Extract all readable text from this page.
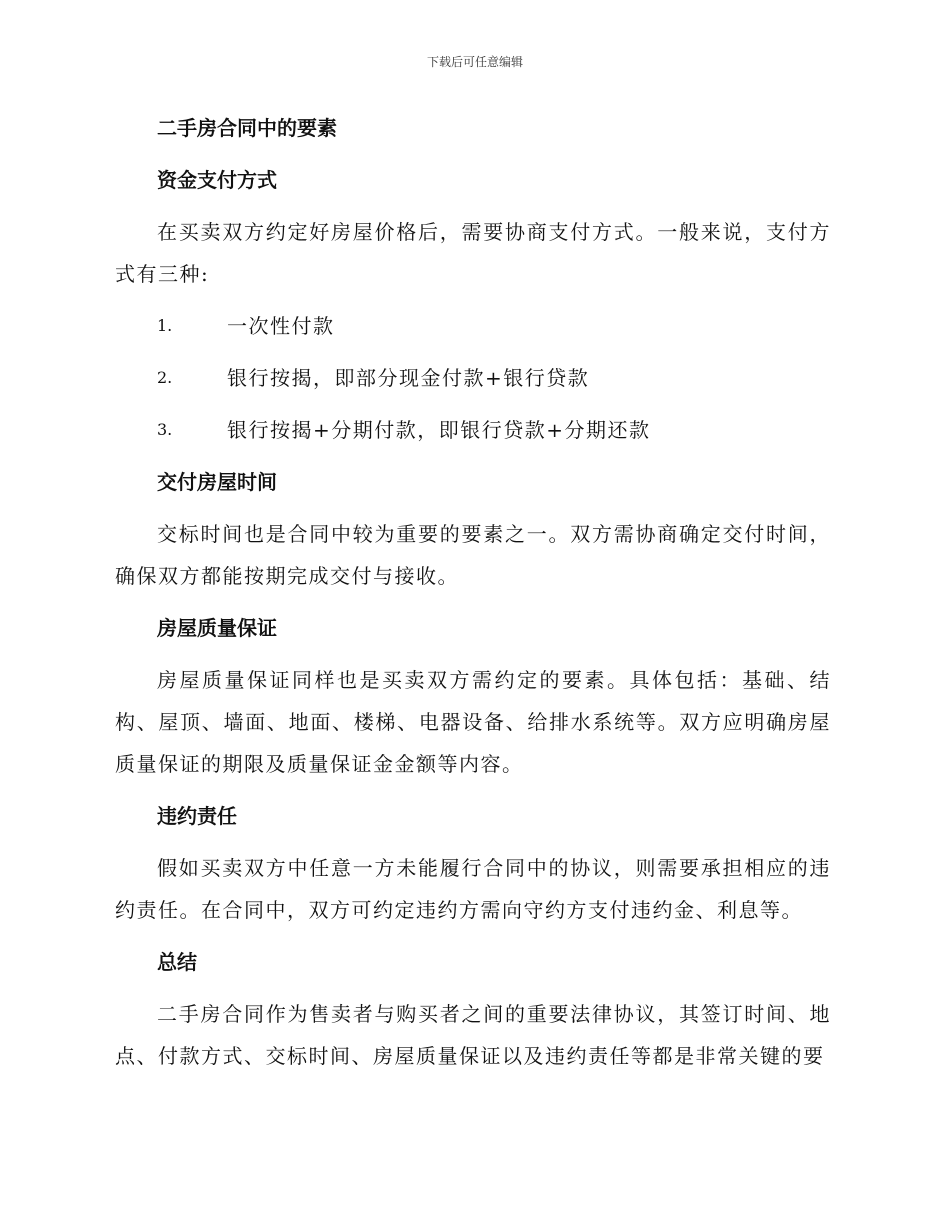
下载后可任意编辑
二手房合同中的要素
资金支付方式
在买卖双方约定好房屋价格后，需要协商支付方式。一般来说，支付方式有三种:
1.	一次性付款
2.	银行按揭，即部分现金付款+银行贷款
3.	银行按揭+分期付款，即银行贷款+分期还款
交付房屋时间
交标时间也是合同中较为重要的要素之一。双方需协商确定交付时间，确保双方都能按期完成交付与接收。
房屋质量保证
房屋质量保证同样也是买卖双方需约定的要素。具体包括：基础、结构、屋顶、墙面、地面、楼梯、电器设备、给排水系统等。双方应明确房屋质量保证的期限及质量保证金金额等内容。
违约责任
假如买卖双方中任意一方未能履行合同中的协议，则需要承担相应的违约责任。在合同中，双方可约定违约方需向守约方支付违约金、利息等。
总结
二手房合同作为售卖者与购买者之间的重要法律协议，其签订时间、地点、付款方式、交标时间、房屋质量保证以及违约责任等都是非常关键的要
